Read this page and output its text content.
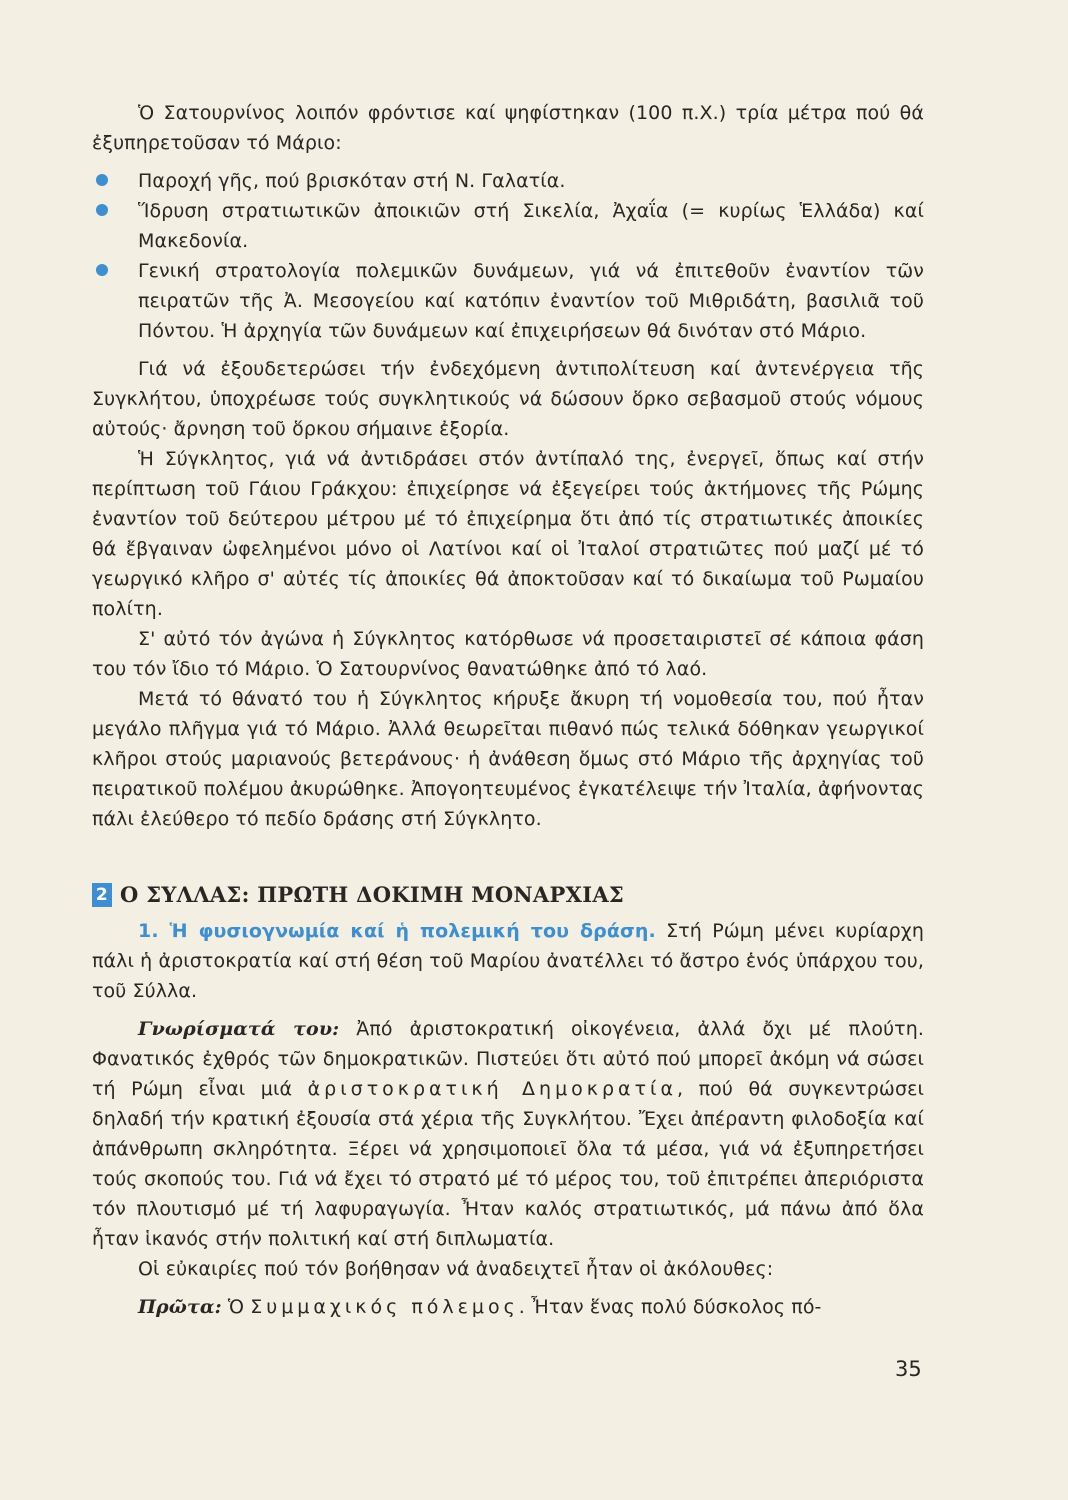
Ὁ Σατουρνίνος λοιπόν φρόντισε καί ψηφίστηκαν (100 π.Χ.) τρία μέτρα πού θά ἐξυπηρετοῦσαν τό Μάριο:

Παροχή γῆς, πού βρισκόταν στή Ν. Γαλατία.

Ἵδρυση στρατιωτικῶν ἀποικιῶν στή Σικελία, Ἀχαΐα (= κυρίως Ἑλλάδα) καί Μακεδονία.

Γενική στρατολογία πολεμικῶν δυνάμεων, γιά νά ἐπιτεθοῦν ἐναντίον τῶν πειρατῶν τῆς Ἀ. Μεσογείου καί κατόπιν ἐναντίον τοῦ Μιθριδάτη, βασιλιᾶ τοῦ Πόντου. Ἡ ἀρχηγία τῶν δυνάμεων καί ἐπιχειρήσεων θά δινόταν στό Μάριο.

Γιά νά ἐξουδετερώσει τήν ἐνδεχόμενη ἀντιπολίτευση καί ἀντενέργεια τῆς Συγκλήτου, ὑποχρέωσε τούς συγκλητικούς νά δώσουν ὅρκο σεβασμοῦ στούς νόμους αὐτούς· ἄρνηση τοῦ ὅρκου σήμαινε ἐξορία.

Ἡ Σύγκλητος, γιά νά ἀντιδράσει στόν ἀντίπαλό της, ἐνεργεῖ, ὅπως καί στήν περίπτωση τοῦ Γάιου Γράκχου: ἐπιχείρησε νά ἐξεγείρει τούς ἀκτήμονες τῆς Ρώμης ἐναντίον τοῦ δεύτερου μέτρου μέ τό ἐπιχείρημα ὅτι ἀπό τίς στρατιωτικές ἀποικίες θά ἔβγαιναν ὠφελημένοι μόνο οἱ Λατίνοι καί οἱ Ἰταλοί στρατιῶτες πού μαζί μέ τό γεωργικό κλῆρο σ' αὐτές τίς ἀποικίες θά ἀποκτοῦσαν καί τό δικαίωμα τοῦ Ρωμαίου πολίτη.

Σ' αὐτό τόν ἀγώνα ἡ Σύγκλητος κατόρθωσε νά προσεταιριστεῖ σέ κάποια φάση του τόν ἴδιο τό Μάριο. Ὁ Σατουρνίνος θανατώθηκε ἀπό τό λαό.

Μετά τό θάνατό του ἡ Σύγκλητος κήρυξε ἄκυρη τή νομοθεσία του, πού ἦταν μεγάλο πλῆγμα γιά τό Μάριο. Ἀλλά θεωρεῖται πιθανό πώς τελικά δόθηκαν γεωργικοί κλῆροι στούς μαριανούς βετεράνους· ἡ ἀνάθεση ὅμως στό Μάριο τῆς ἀρχηγίας τοῦ πειρατικοῦ πολέμου ἀκυρώθηκε. Ἀπογοητευμένος ἐγκατέλειψε τήν Ἰταλία, ἀφήνοντας πάλι ἐλεύθερο τό πεδίο δράσης στή Σύγκλητο.

2 Ο ΣΥΛΛΑΣ: ΠΡΩΤΗ ΔΟΚΙΜΗ ΜΟΝΑΡΧΙΑΣ

1. Ἡ φυσιογνωμία καί ἡ πολεμική του δράση. Στή Ρώμη μένει κυρίαρχη πάλι ἡ ἀριστοκρατία καί στή θέση τοῦ Μαρίου ἀνατέλλει τό ἄστρο ἑνός ὑπάρχου του, τοῦ Σύλλα.

Γνωρίσματά του: Ἀπό ἀριστοκρατική οἰκογένεια, ἀλλά ὄχι μέ πλούτη. Φανατικός ἐχθρός τῶν δημοκρατικῶν. Πιστεύει ὅτι αὐτό πού μπορεῖ ἀκόμη νά σώσει τή Ρώμη εἶναι μιά ἀριστοκρατική Δημοκρατία, πού θά συγκεντρώσει δηλαδή τήν κρατική ἐξουσία στά χέρια τῆς Συγκλήτου. Ἔχει ἀπέραντη φιλοδοξία καί ἀπάνθρωπη σκληρότητα. Ξέρει νά χρησιμοποιεῖ ὅλα τά μέσα, γιά νά ἐξυπηρετήσει τούς σκοπούς του. Γιά νά ἔχει τό στρατό μέ τό μέρος του, τοῦ ἐπιτρέπει ἀπεριόριστα τόν πλουτισμό μέ τή λαφυραγωγία. Ἦταν καλός στρατιωτικός, μά πάνω ἀπό ὅλα ἦταν ἱκανός στήν πολιτική καί στή διπλωματία.

Οἱ εὐκαιρίες πού τόν βοήθησαν νά ἀναδειχτεῖ ἦταν οἱ ἀκόλουθες:

Πρῶτα: Ὁ Συμμαχικός πόλεμος. Ἦταν ἕνας πολύ δύσκολος πό-

35
